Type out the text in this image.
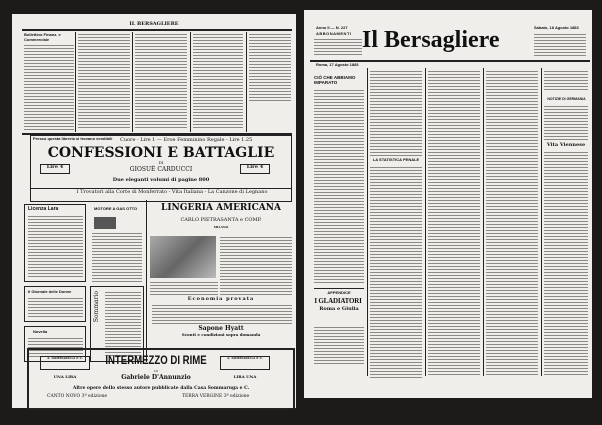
IL BERSAGLIERE
Bollettino Finanz. e Commerciale
Presso questa libreria si trovano vendibili	Cuore - Lire 1 — Eroe Femminino Regale - Lire 1.25
CONFESSIONI E BATTAGLIE
Lire 4	Lire 4
DI
GIOSUÈ CARDUCCI
Due eleganti volumi di pagine 800
I Trovatori alla Corte di Monferrato - Vita Italiana - La Canzone di Legnano
Licenza Lara
Il Giornale delle Donne
Novella
MOTORE A GAS OTTO
Sommario
LINGERIA AMERICANA
CARLO PIETRASANTA e COMP.
MILANO
Economia provata
Sapone Hyatt
Sconti e condizioni sopra domanda
A. SOMMARUGA E C.	A. SOMMARUGA E C.
INTERMEZZO DI RIME
DI
Gabriele D'Annunzio
UNA LIRA	LIRA UNA
Altre opere dello stesso autore pubblicate dalla Casa Sommaruga e C.
CANTO NOVO 3ª edizione	TERRA VERGINE 3ª edizione
Anno II — N. 227
ABBONAMENTI Il Bersagliere	Sabato, 18 Agosto 1883
Roma, 17 Agosto 1883
CIÒ CHE ABBIAMO IMPARATO
APPENDICE
I GLADIATORI
Roma e Giulia
LA STATISTICA PENALE
NOTIZIE DI GERMANIA
Vita Viennese
